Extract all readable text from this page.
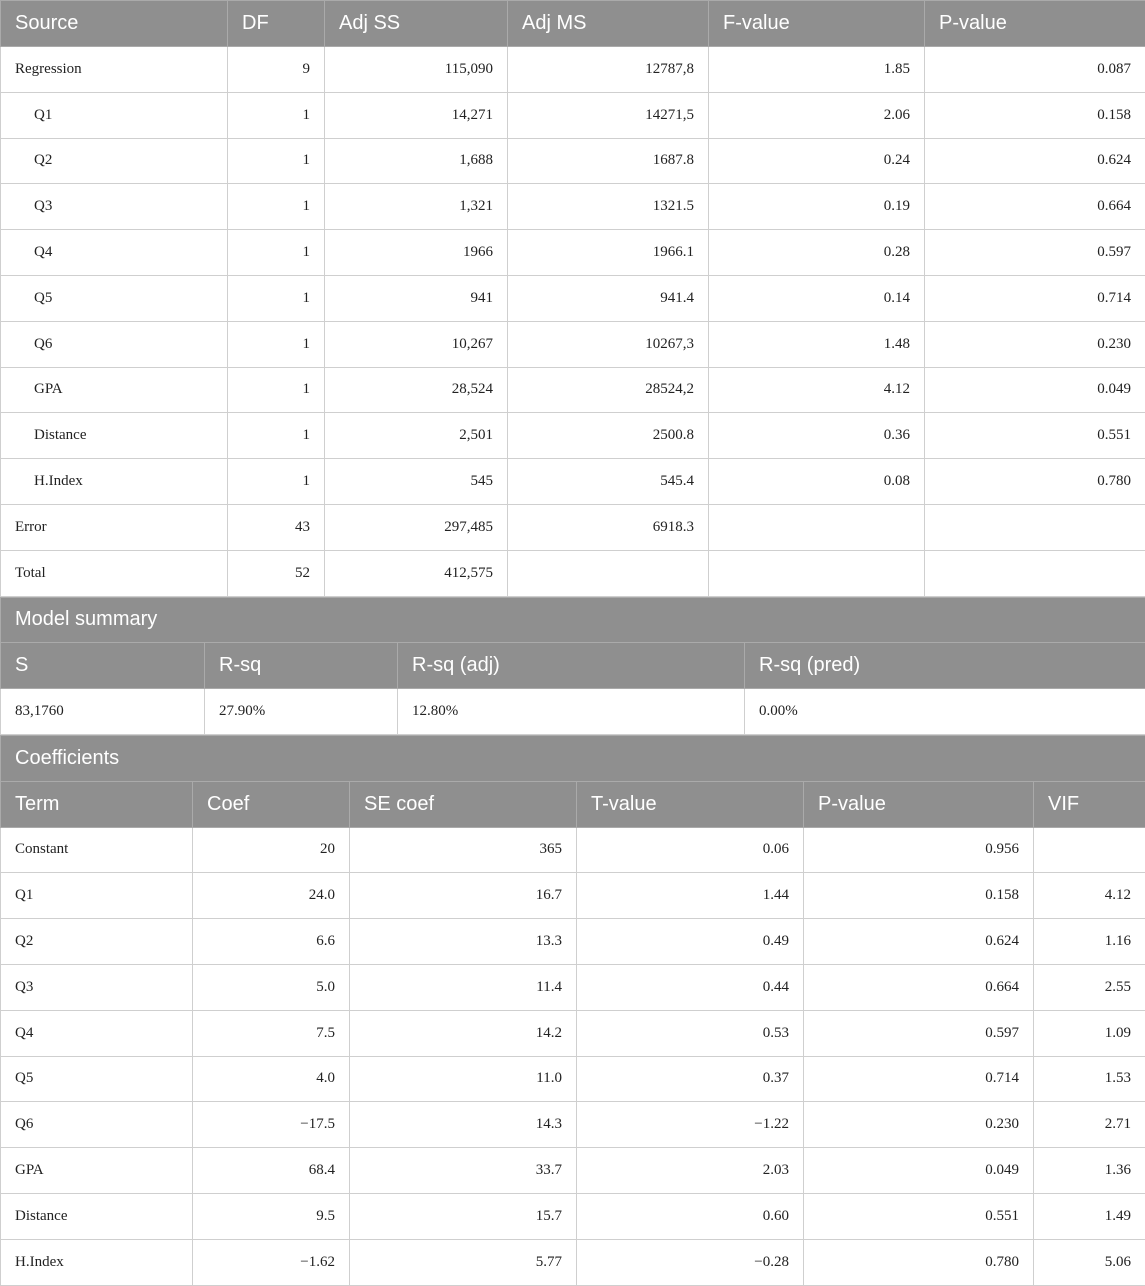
Source	DF	Adj SS	Adj MS	F-value	P-value
Regression	9	115,090	12787,8	1.85	0.087
Q1	1	14,271	14271,5	2.06	0.158
Q2	1	1,688	1687.8	0.24	0.624
Q3	1	1,321	1321.5	0.19	0.664
Q4	1	1966	1966.1	0.28	0.597
Q5	1	941	941.4	0.14	0.714
Q6	1	10,267	10267,3	1.48	0.230
GPA	1	28,524	28524,2	4.12	0.049
Distance	1	2,501	2500.8	0.36	0.551
H.Index	1	545	545.4	0.08	0.780
Error	43	297,485	6918.3		
Total	52	412,575			
Model summary			
S	R-sq	R-sq (adj)	R-sq (pred)
83,1760	27.90%	12.80%	0.00%
Coefficients					
Term	Coef	SE coef	T-value	P-value	VIF
Constant	20	365	0.06	0.956	
Q1	24.0	16.7	1.44	0.158	4.12
Q2	6.6	13.3	0.49	0.624	1.16
Q3	5.0	11.4	0.44	0.664	2.55
Q4	7.5	14.2	0.53	0.597	1.09
Q5	4.0	11.0	0.37	0.714	1.53
Q6	−17.5	14.3	−1.22	0.230	2.71
GPA	68.4	33.7	2.03	0.049	1.36
Distance	9.5	15.7	0.60	0.551	1.49
H.Index	−1.62	5.77	−0.28	0.780	5.06
